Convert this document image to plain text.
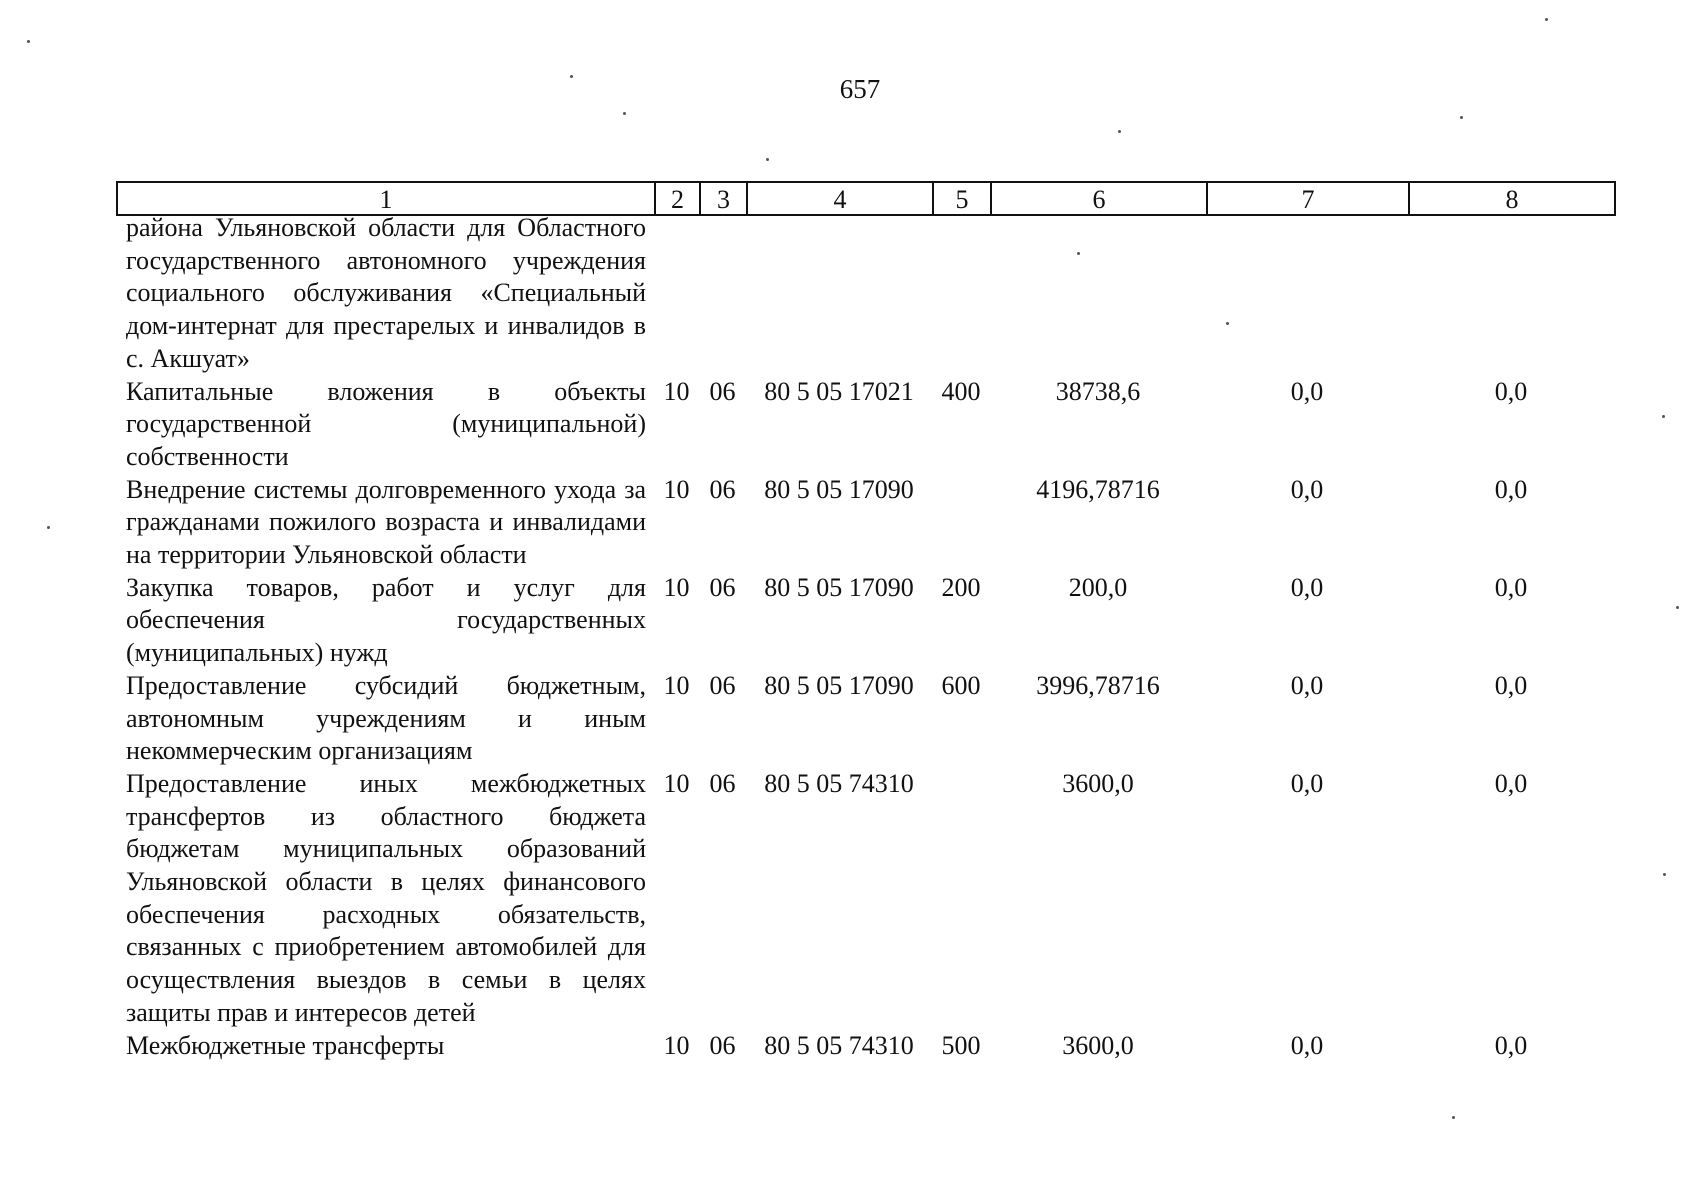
657
1	2	3	4	5	6	7	8
района Ульяновской области для Областного государственного автономного учреждения социального обслуживания «Специальный дом-интернат для престарелых и инвалидов в с. Акшуат»							
Капитальные вложения в объекты государственной (муниципальной) собственности	10	06	80 5 05 17021	400	38738,6	0,0	0,0
Внедрение системы долговременного ухода за гражданами пожилого возраста и инвалидами на территории Ульяновской области	10	06	80 5 05 17090		4196,78716	0,0	0,0
Закупка товаров, работ и услуг для обеспечения государственных (муниципальных) нужд	10	06	80 5 05 17090	200	200,0	0,0	0,0
Предоставление субсидий бюджетным, автономным учреждениям и иным некоммерческим организациям	10	06	80 5 05 17090	600	3996,78716	0,0	0,0
Предоставление иных межбюджетных трансфертов из областного бюджета бюджетам муниципальных образований Ульяновской области в целях финансового обеспечения расходных обязательств, связанных с приобретением автомобилей для осуществления выездов в семьи в целях защиты прав и интересов детей	10	06	80 5 05 74310		3600,0	0,0	0,0
Межбюджетные трансферты	10	06	80 5 05 74310	500	3600,0	0,0	0,0
